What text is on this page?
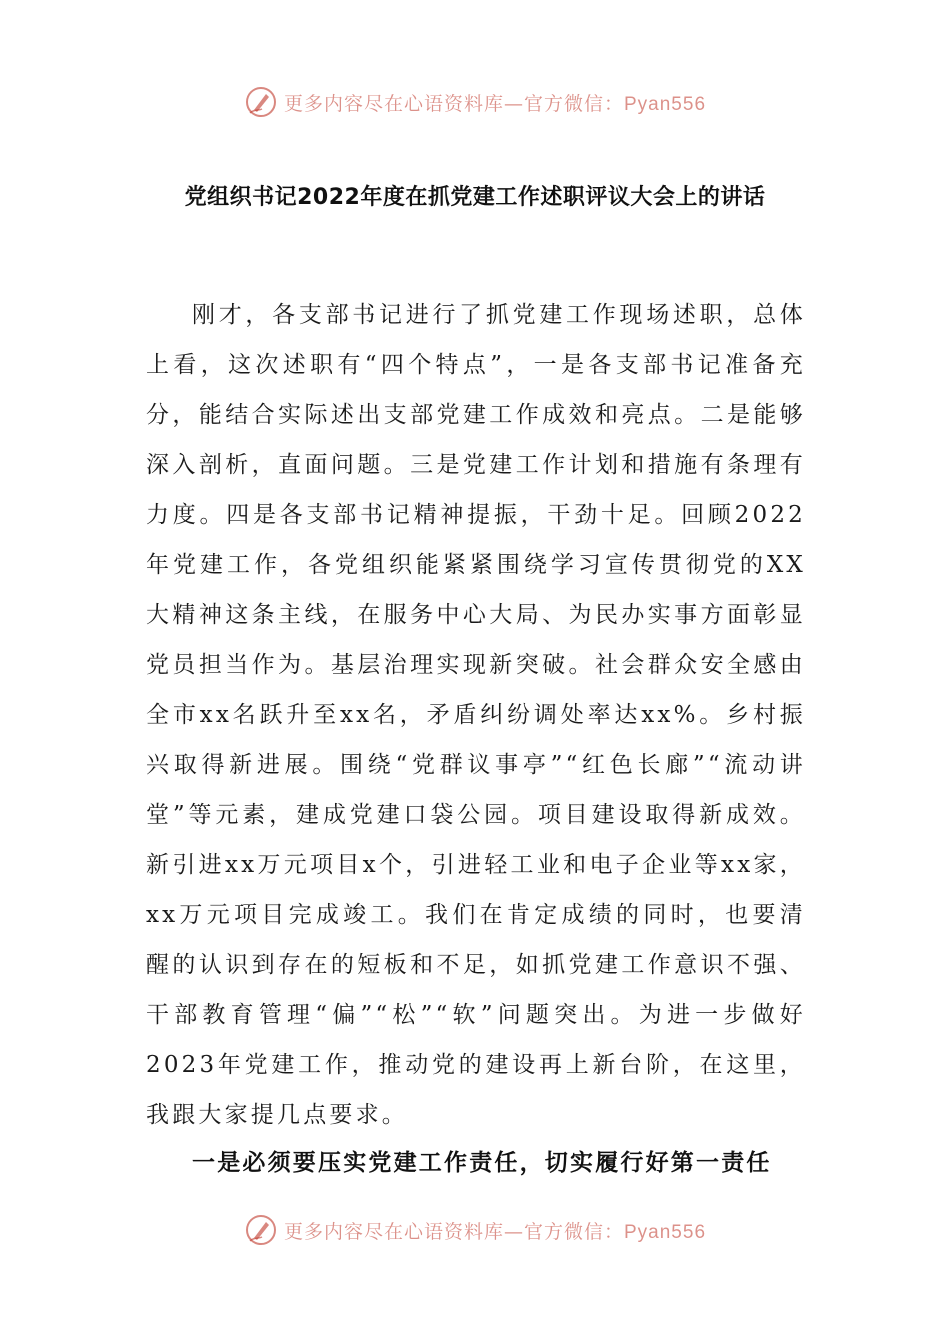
更多内容尽在心语资料库—官方微信：Pyan556
党组织书记2022年度在抓党建工作述职评议大会上的讲话

刚才，各支部书记进行了抓党建工作现场述职，总体上看，这次述职有“四个特点”，一是各支部书记准备充分，能结合实际述出支部党建工作成效和亮点。二是能够深入剖析，直面问题。三是党建工作计划和措施有条理有力度。四是各支部书记精神提振，干劲十足。回顾2022年党建工作，各党组织能紧紧围绕学习宣传贯彻党的XX大精神这条主线，在服务中心大局、为民办实事方面彰显党员担当作为。基层治理实现新突破。社会群众安全感由全市xx名跃升至xx名，矛盾纠纷调处率达xx%。乡村振兴取得新进展。围绕“党群议事亭”“红色长廊”“流动讲堂”等元素，建成党建口袋公园。项目建设取得新成效。新引进xx万元项目x个，引进轻工业和电子企业等xx家，xx万元项目完成竣工。我们在肯定成绩的同时，也要清醒的认识到存在的短板和不足，如抓党建工作意识不强、干部教育管理“偏”“松”“软”问题突出。为进一步做好2023年党建工作，推动党的建设再上新台阶，在这里，我跟大家提几点要求。

一是必须要压实党建工作责任，切实履行好第一责任

更多内容尽在心语资料库—官方微信：Pyan556
